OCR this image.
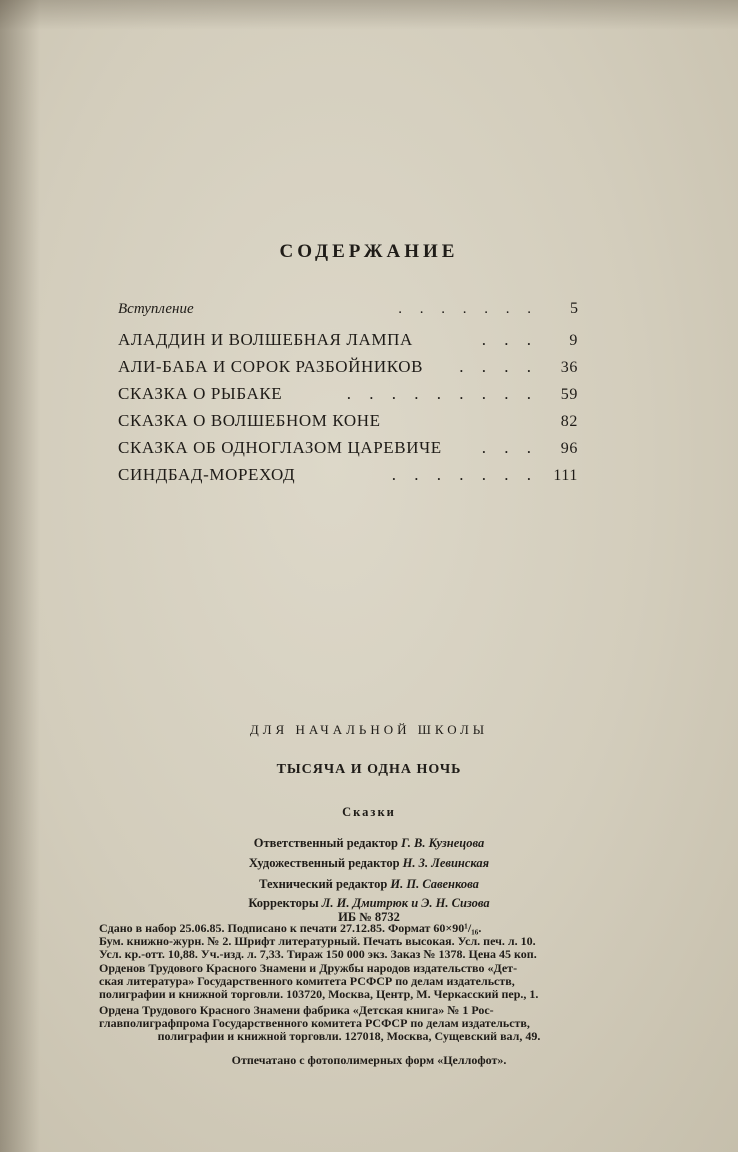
СОДЕРЖАНИЕ
Вступление	. . . . . . .	5
АЛАДДИН И ВОЛШЕБНАЯ ЛАМПА	. . .	9
АЛИ-БАБА И СОРОК РАЗБОЙНИКОВ	. . . .	36
СКАЗКА О РЫБАКЕ	. . . . . . . . .	59
СКАЗКА О ВОЛШЕБНОМ КОНЕ	82
СКАЗКА ОБ ОДНОГЛАЗОМ ЦАРЕВИЧЕ	. . .	96
СИНДБАД-МОРЕХОД	. . . . . . . 111
ДЛЯ НАЧАЛЬНОЙ ШКОЛЫ
ТЫСЯЧА И ОДНА НОЧЬ
Сказки
Ответственный редактор Г. В. Кузнецова
Художественный редактор Н. З. Левинская
Технический редактор И. П. Савенкова
Корректоры Л. И. Дмитрюк и Э. Н. Сизова
ИБ № 8732
Сдано в набор 25.06.85. Подписано к печати 27.12.85. Формат 60×90¹/₁₆.
Бум. книжно-журн. № 2. Шрифт литературный. Печать высокая. Усл. печ. л. 10.
Усл. кр.-отт. 10,88. Уч.-изд. л. 7,33. Тираж 150 000 экз. Заказ № 1378. Цена 45 коп.
Орденов Трудового Красного Знамени и Дружбы народов издательство «Дет-
ская литература» Государственного комитета РСФСР по делам издательств,
полиграфии и книжной торговли. 103720, Москва, Центр, М. Черкасский пер., 1.
Ордена Трудового Красного Знамени фабрика «Детская книга» № 1 Рос-
главполиграфпрома Государственного комитета РСФСР по делам издательств,
полиграфии и книжной торговли. 127018, Москва, Сущевский вал, 49.
Отпечатано с фотополимерных форм «Целлофот».
